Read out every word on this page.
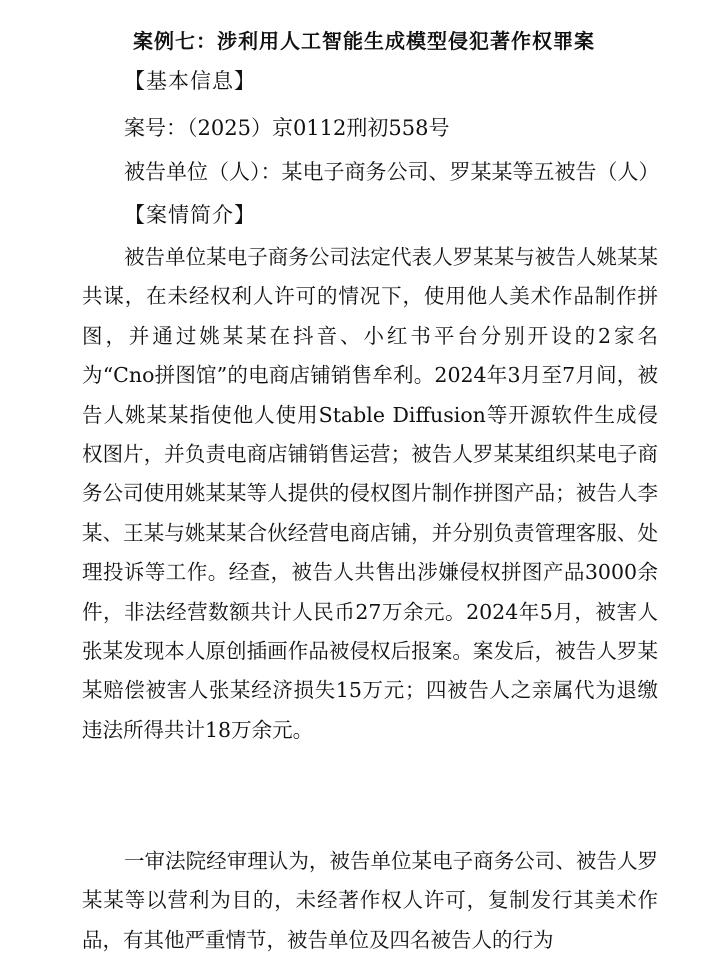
案例七：涉利用人工智能生成模型侵犯著作权罪案

【基本信息】

案号：（2025）京0112刑初558号

被告单位（人）：某电子商务公司、罗某某等五被告（人）

【案情简介】

被告单位某电子商务公司法定代表人罗某某与被告人姚某某共谋，在未经权利人许可的情况下，使用他人美术作品制作拼图，并通过姚某某在抖音、小红书平台分别开设的2家名为“Cno拼图馆”的电商店铺销售牟利。2024年3月至7月间，被告人姚某某指使他人使用Stable Diffusion等开源软件生成侵权图片，并负责电商店铺销售运营；被告人罗某某组织某电子商务公司使用姚某某等人提供的侵权图片制作拼图产品；被告人李某、王某与姚某某合伙经营电商店铺，并分别负责管理客服、处理投诉等工作。经查，被告人共售出涉嫌侵权拼图产品3000余件，非法经营数额共计人民币27万余元。2024年5月，被害人张某发现本人原创插画作品被侵权后报案。案发后，被告人罗某某赔偿被害人张某经济损失15万元；四被告人之亲属代为退缴违法所得共计18万余元。

一审法院经审理认为，被告单位某电子商务公司、被告人罗某某等以营利为目的，未经著作权人许可，复制发行其美术作品，有其他严重情节，被告单位及四名被告人的行为
